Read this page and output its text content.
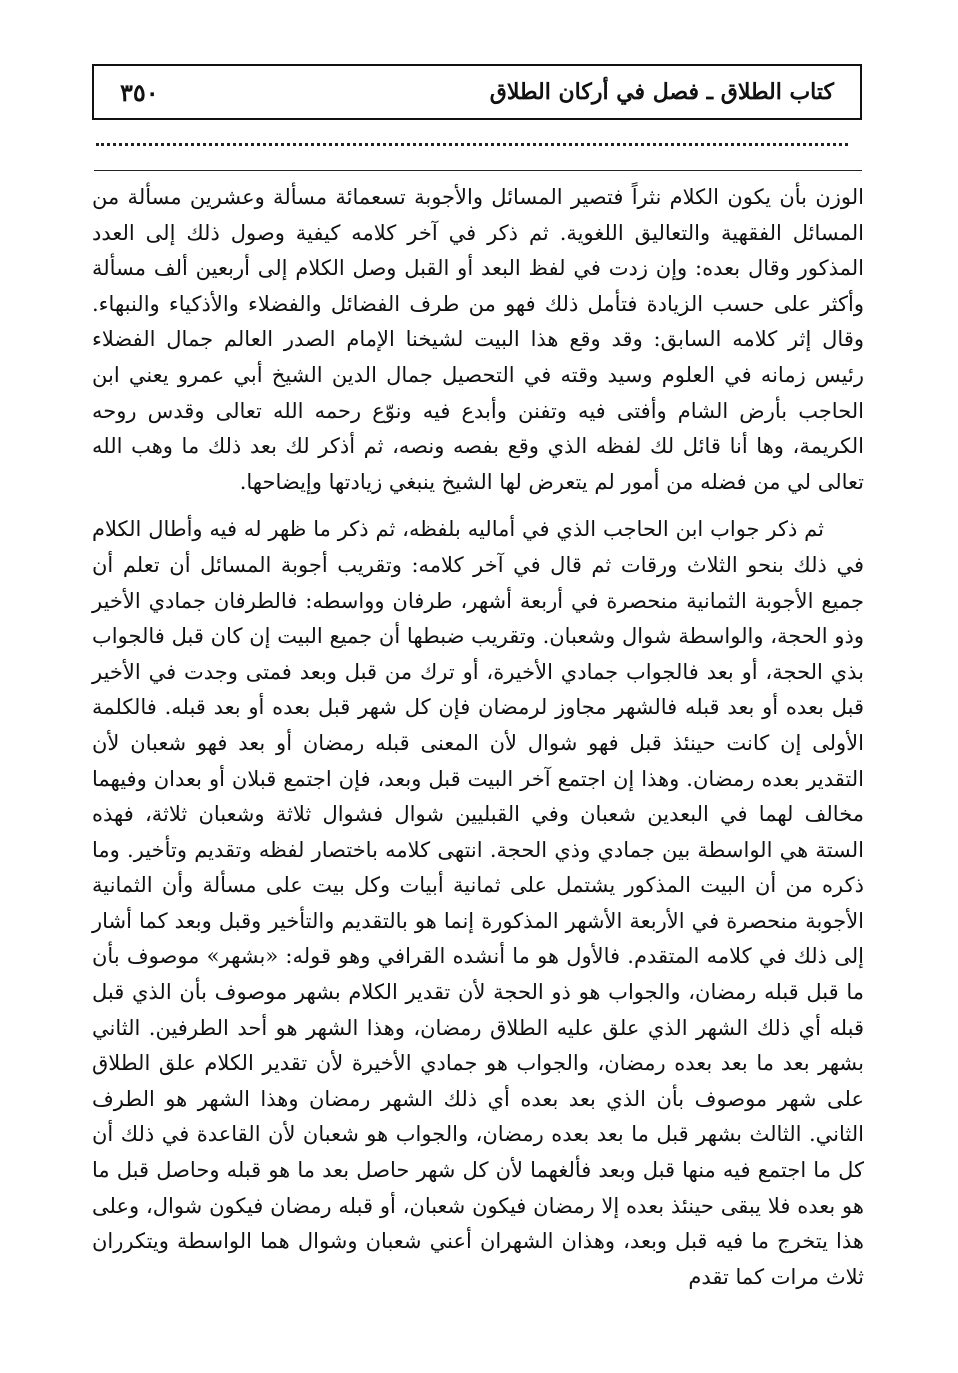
كتاب الطلاق ـ فصل في أركان الطلاق
٣٥٠

الوزن بأن يكون الكلام نثراً فتصير المسائل والأجوبة تسعمائة مسألة وعشرين مسألة من المسائل الفقهية والتعاليق اللغوية. ثم ذكر في آخر كلامه كيفية وصول ذلك إلى العدد المذكور وقال بعده: وإن زدت في لفظ البعد أو القبل وصل الكلام إلى أربعين ألف مسألة وأكثر على حسب الزيادة فتأمل ذلك فهو من طرف الفضائل والفضلاء والأذكياء والنبهاء. وقال إثر كلامه السابق: وقد وقع هذا البيت لشيخنا الإمام الصدر العالم جمال الفضلاء رئيس زمانه في العلوم وسيد وقته في التحصيل جمال الدين الشيخ أبي عمرو يعني ابن الحاجب بأرض الشام وأفتى فيه وتفنن وأبدع فيه ونوّع رحمه الله تعالى وقدس روحه الكريمة، وها أنا قائل لك لفظه الذي وقع بفصه ونصه، ثم أذكر لك بعد ذلك ما وهب الله تعالى لي من فضله من أمور لم يتعرض لها الشيخ ينبغي زيادتها وإيضاحها.

ثم ذكر جواب ابن الحاجب الذي في أماليه بلفظه، ثم ذكر ما ظهر له فيه وأطال الكلام في ذلك بنحو الثلاث ورقات ثم قال في آخر كلامه: وتقريب أجوبة المسائل أن تعلم أن جميع الأجوبة الثمانية منحصرة في أربعة أشهر، طرفان وواسطه: فالطرفان جمادي الأخير وذو الحجة، والواسطة شوال وشعبان. وتقريب ضبطها أن جميع البيت إن كان قبل فالجواب بذي الحجة، أو بعد فالجواب جمادي الأخيرة، أو ترك من قبل وبعد فمتى وجدت في الأخير قبل بعده أو بعد قبله فالشهر مجاوز لرمضان فإن كل شهر قبل بعده أو بعد قبله. فالكلمة الأولى إن كانت حينئذ قبل فهو شوال لأن المعنى قبله رمضان أو بعد فهو شعبان لأن التقدير بعده رمضان. وهذا إن اجتمع آخر البيت قبل وبعد، فإن اجتمع قبلان أو بعدان وفيهما مخالف لهما في البعدين شعبان وفي القبليين شوال فشوال ثلاثة وشعبان ثلاثة، فهذه الستة هي الواسطة بين جمادي وذي الحجة. انتهى كلامه باختصار لفظه وتقديم وتأخير. وما ذكره من أن البيت المذكور يشتمل على ثمانية أبيات وكل بيت على مسألة وأن الثمانية الأجوبة منحصرة في الأربعة الأشهر المذكورة إنما هو بالتقديم والتأخير وقبل وبعد كما أشار إلى ذلك في كلامه المتقدم. فالأول هو ما أنشده القرافي وهو قوله: «بشهر» موصوف بأن ما قبل قبله رمضان، والجواب هو ذو الحجة لأن تقدير الكلام بشهر موصوف بأن الذي قبل قبله أي ذلك الشهر الذي علق عليه الطلاق رمضان، وهذا الشهر هو أحد الطرفين. الثاني بشهر بعد ما بعد بعده رمضان، والجواب هو جمادي الأخيرة لأن تقدير الكلام علق الطلاق على شهر موصوف بأن الذي بعد بعده أي ذلك الشهر رمضان وهذا الشهر هو الطرف الثاني. الثالث بشهر قبل ما بعد بعده رمضان، والجواب هو شعبان لأن القاعدة في ذلك أن كل ما اجتمع فيه منها قبل وبعد فألغهما لأن كل شهر حاصل بعد ما هو قبله وحاصل قبل ما هو بعده فلا يبقى حينئذ بعده إلا رمضان فيكون شعبان، أو قبله رمضان فيكون شوال، وعلى هذا يتخرج ما فيه قبل وبعد، وهذان الشهران أعني شعبان وشوال هما الواسطة ويتكرران ثلاث مرات كما تقدم
